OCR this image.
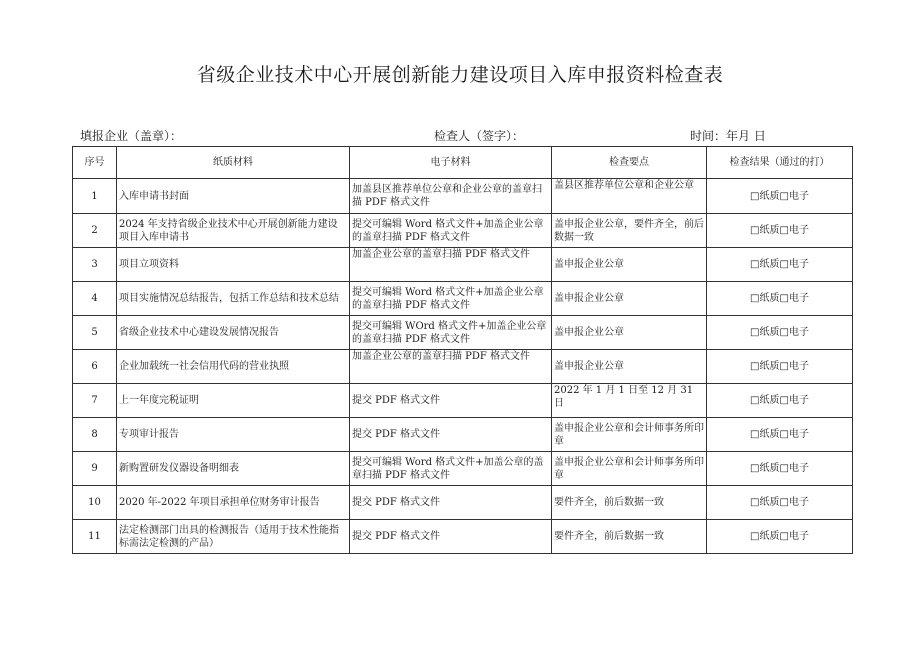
省级企业技术中心开展创新能力建设项目入库申报资料检查表
填报企业（盖章）：	检查人（签字）：	时间：年月 日
序号	纸质材料	电子材料	检查要点	检查结果（通过的打）
1	入库申请书封面	加盖县区推荐单位公章和企业公章的盖章扫描 PDF 格式文件	盖县区推荐单位公章和企业公章	□纸质□电子
2	2024 年支持省级企业技术中心开展创新能力建设项目入库申请书	提交可编辑 Word 格式文件+加盖企业公章的盖章扫描 PDF 格式文件	盖申报企业公章，要件齐全，前后数据一致	□纸质□电子
3	项目立项资料	加盖企业公章的盖章扫描 PDF 格式文件	盖申报企业公章	□纸质□电子
4	项目实施情况总结报告，包括工作总结和技术总结	提交可编辑 Word 格式文件+加盖企业公章的盖章扫描 PDF 格式文件	盖申报企业公章	□纸质□电子
5	省级企业技术中心建设发展情况报告	提交可编辑 WOrd 格式文件+加盖企业公章的盖章扫描 PDF 格式文件	盖申报企业公章	□纸质□电子
6	企业加载统一社会信用代码的营业执照	加盖企业公章的盖章扫描 PDF 格式文件	盖申报企业公章	□纸质□电子
7	上一年度完税证明	提交 PDF 格式文件	2022 年 1 月 1 日至 12 月 31 日	□纸质□电子
8	专项审计报告	提交 PDF 格式文件	盖申报企业公章和会计师事务所印章	□纸质□电子
9	新购置研发仪器设备明细表	提交可编辑 Word 格式文件+加盖公章的盖章扫描 PDF 格式文件	盖申报企业公章和会计师事务所印章	□纸质□电子
10	2020 年-2022 年项目承担单位财务审计报告	提交 PDF 格式文件	要件齐全，前后数据一致	□纸质□电子
11	法定检测部门出具的检测报告（适用于技术性能指标需法定检测的产品）	提交 PDF 格式文件	要件齐全，前后数据一致	□纸质□电子
